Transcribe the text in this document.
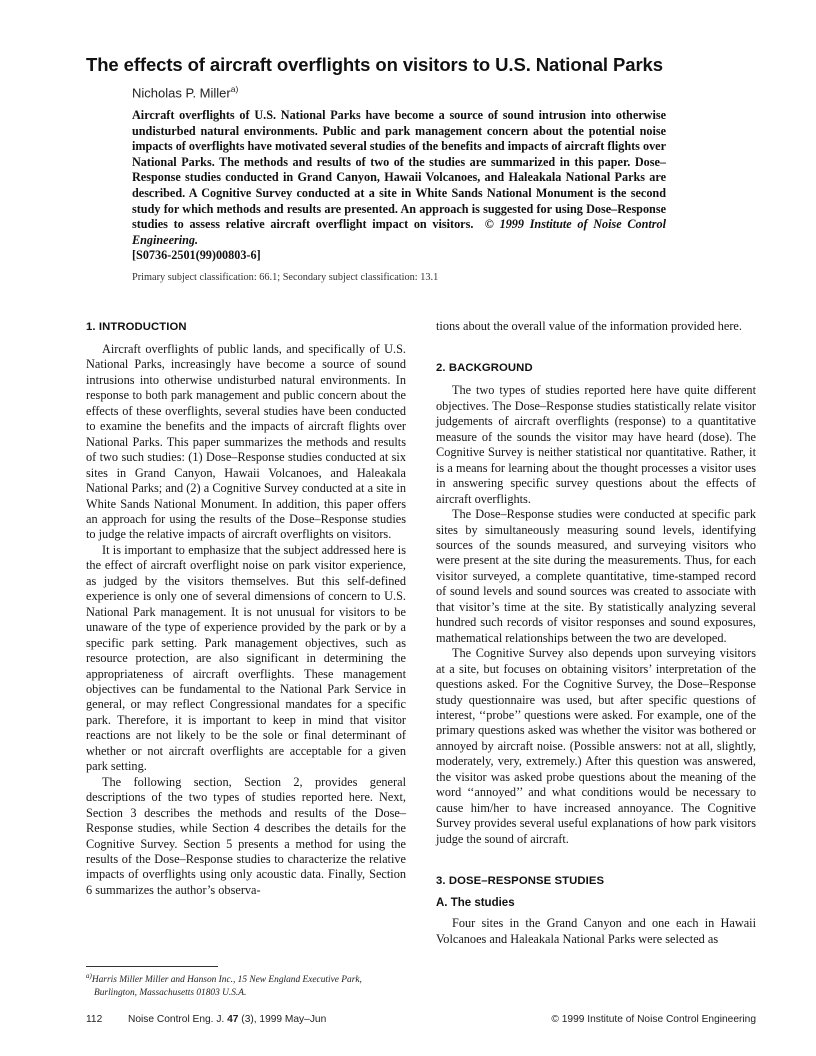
The effects of aircraft overflights on visitors to U.S. National Parks
Nicholas P. Miller$^{a)}$
Aircraft overflights of U.S. National Parks have become a source of sound intrusion into otherwise undisturbed natural environments. Public and park management concern about the potential noise impacts of overflights have motivated several studies of the benefits and impacts of aircraft flights over National Parks. The methods and results of two of the studies are summarized in this paper. Dose–Response studies conducted in Grand Canyon, Hawaii Volcanoes, and Haleakala National Parks are described. A Cognitive Survey conducted at a site in White Sands National Monument is the second study for which methods and results are presented. An approach is suggested for using Dose–Response studies to assess relative aircraft overflight impact on visitors. © 1999 Institute of Noise Control Engineering.
[S0736-2501(99)00803-6]
Primary subject classification: 66.1; Secondary subject classification: 13.1
1. INTRODUCTION

Aircraft overflights of public lands, and specifically of U.S. National Parks, increasingly have become a source of sound intrusions into otherwise undisturbed natural environments. In response to both park management and public concern about the effects of these overflights, several studies have been conducted to examine the benefits and the impacts of aircraft flights over National Parks. This paper summarizes the methods and results of two such studies: (1) Dose–Response studies conducted at six sites in Grand Canyon, Hawaii Volcanoes, and Haleakala National Parks; and (2) a Cognitive Survey conducted at a site in White Sands National Monument. In addition, this paper offers an approach for using the results of the Dose–Response studies to judge the relative impacts of aircraft overflights on visitors.

It is important to emphasize that the subject addressed here is the effect of aircraft overflight noise on park visitor experience, as judged by the visitors themselves. But this self-defined experience is only one of several dimensions of concern to U.S. National Park management. It is not unusual for visitors to be unaware of the type of experience provided by the park or by a specific park setting. Park management objectives, such as resource protection, are also significant in determining the appropriateness of aircraft overflights. These management objectives can be fundamental to the National Park Service in general, or may reflect Congressional mandates for a specific park. Therefore, it is important to keep in mind that visitor reactions are not likely to be the sole or final determinant of whether or not aircraft overflights are acceptable for a given park setting.

The following section, Section 2, provides general descriptions of the two types of studies reported here. Next, Section 3 describes the methods and results of the Dose–Response studies, while Section 4 describes the details for the Cognitive Survey. Section 5 presents a method for using the results of the Dose–Response studies to characterize the relative impacts of overflights using only acoustic data. Finally, Section 6 summarizes the author’s observa-

tions about the overall value of the information provided here.

2. BACKGROUND

The two types of studies reported here have quite different objectives. The Dose–Response studies statistically relate visitor judgements of aircraft overflights (response) to a quantitative measure of the sounds the visitor may have heard (dose). The Cognitive Survey is neither statistical nor quantitative. Rather, it is a means for learning about the thought processes a visitor uses in answering specific survey questions about the effects of aircraft overflights.

The Dose–Response studies were conducted at specific park sites by simultaneously measuring sound levels, identifying sources of the sounds measured, and surveying visitors who were present at the site during the measurements. Thus, for each visitor surveyed, a complete quantitative, time-stamped record of sound levels and sound sources was created to associate with that visitor’s time at the site. By statistically analyzing several hundred such records of visitor responses and sound exposures, mathematical relationships between the two are developed.

The Cognitive Survey also depends upon surveying visitors at a site, but focuses on obtaining visitors’ interpretation of the questions asked. For the Cognitive Survey, the Dose–Response study questionnaire was used, but after specific questions of interest, ‘‘probe’’ questions were asked. For example, one of the primary questions asked was whether the visitor was bothered or annoyed by aircraft noise. (Possible answers: not at all, slightly, moderately, very, extremely.) After this question was answered, the visitor was asked probe questions about the meaning of the word ‘‘annoyed’’ and what conditions would be necessary to cause him/her to have increased annoyance. The Cognitive Survey provides several useful explanations of how park visitors judge the sound of aircraft.

3. DOSE–RESPONSE STUDIES
A. The studies

Four sites in the Grand Canyon and one each in Hawaii Volcanoes and Haleakala National Parks were selected as

$^{a)}$Harris Miller Miller and Hanson Inc., 15 New England Executive Park,
Burlington, Massachusetts 01803 U.S.A.
112	Noise Control Eng. J. 47 (3), 1999 May–Jun	© 1999 Institute of Noise Control Engineering
